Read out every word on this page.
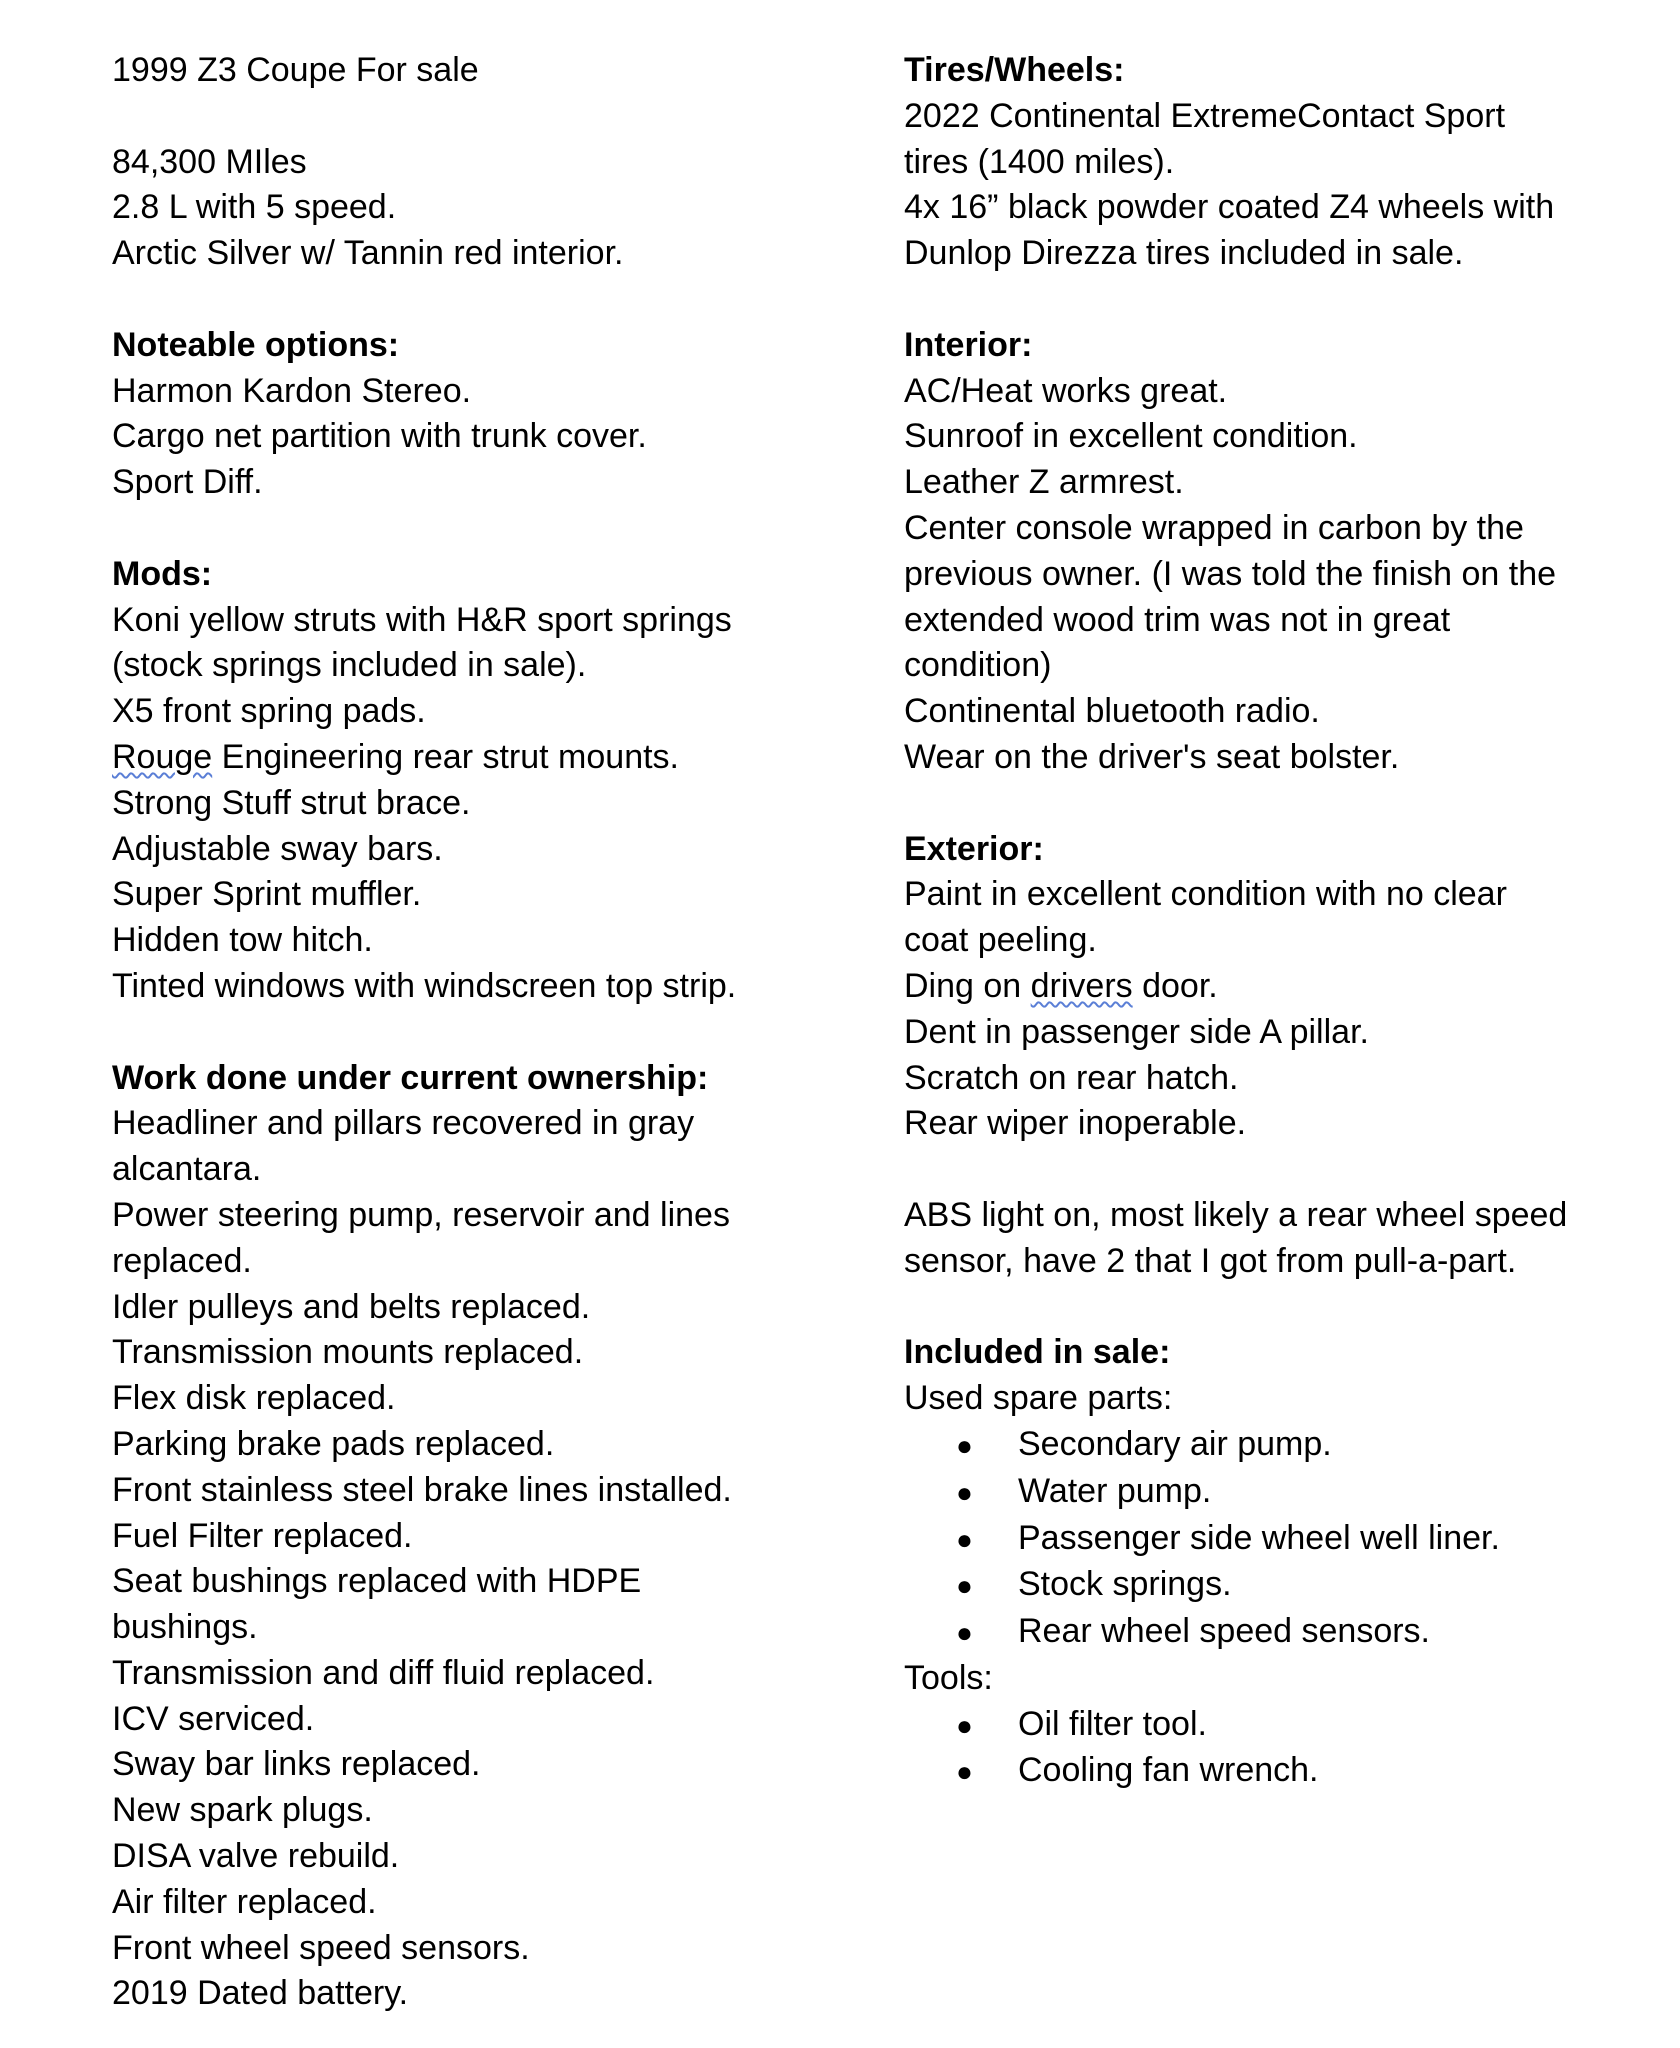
1999 Z3 Coupe For sale
84,300 MIles
2.8 L with 5 speed.
Arctic Silver w/ Tannin red interior.
Noteable options:
Harmon Kardon Stereo.
Cargo net partition with trunk cover.
Sport Diff.
Mods:
Koni yellow struts with H&R sport springs
(stock springs included in sale).
X5 front spring pads.
Rouge Engineering rear strut mounts.
Strong Stuff strut brace.
Adjustable sway bars.
Super Sprint muffler.
Hidden tow hitch.
Tinted windows with windscreen top strip.
Work done under current ownership:
Headliner and pillars recovered in gray
alcantara.
Power steering pump, reservoir and lines
replaced.
Idler pulleys and belts replaced.
Transmission mounts replaced.
Flex disk replaced.
Parking brake pads replaced.
Front stainless steel brake lines installed.
Fuel Filter replaced.
Seat bushings replaced with HDPE
bushings.
Transmission and diff fluid replaced.
ICV serviced.
Sway bar links replaced.
New spark plugs.
DISA valve rebuild.
Air filter replaced.
Front wheel speed sensors.
2019 Dated battery.
Tires/Wheels:
2022 Continental ExtremeContact Sport
tires (1400 miles).
4x 16” black powder coated Z4 wheels with
Dunlop Direzza tires included in sale.
Interior:
AC/Heat works great.
Sunroof in excellent condition.
Leather Z armrest.
Center console wrapped in carbon by the
previous owner. (I was told the finish on the
extended wood trim was not in great
condition)
Continental bluetooth radio.
Wear on the driver's seat bolster.
Exterior:
Paint in excellent condition with no clear
coat peeling.
Ding on drivers door.
Dent in passenger side A pillar.
Scratch on rear hatch.
Rear wiper inoperable.
ABS light on, most likely a rear wheel speed
sensor, have 2 that I got from pull-a-part.
Included in sale:
Used spare parts:
● Secondary air pump.
● Water pump.
● Passenger side wheel well liner.
● Stock springs.
● Rear wheel speed sensors.
Tools:
● Oil filter tool.
● Cooling fan wrench.
